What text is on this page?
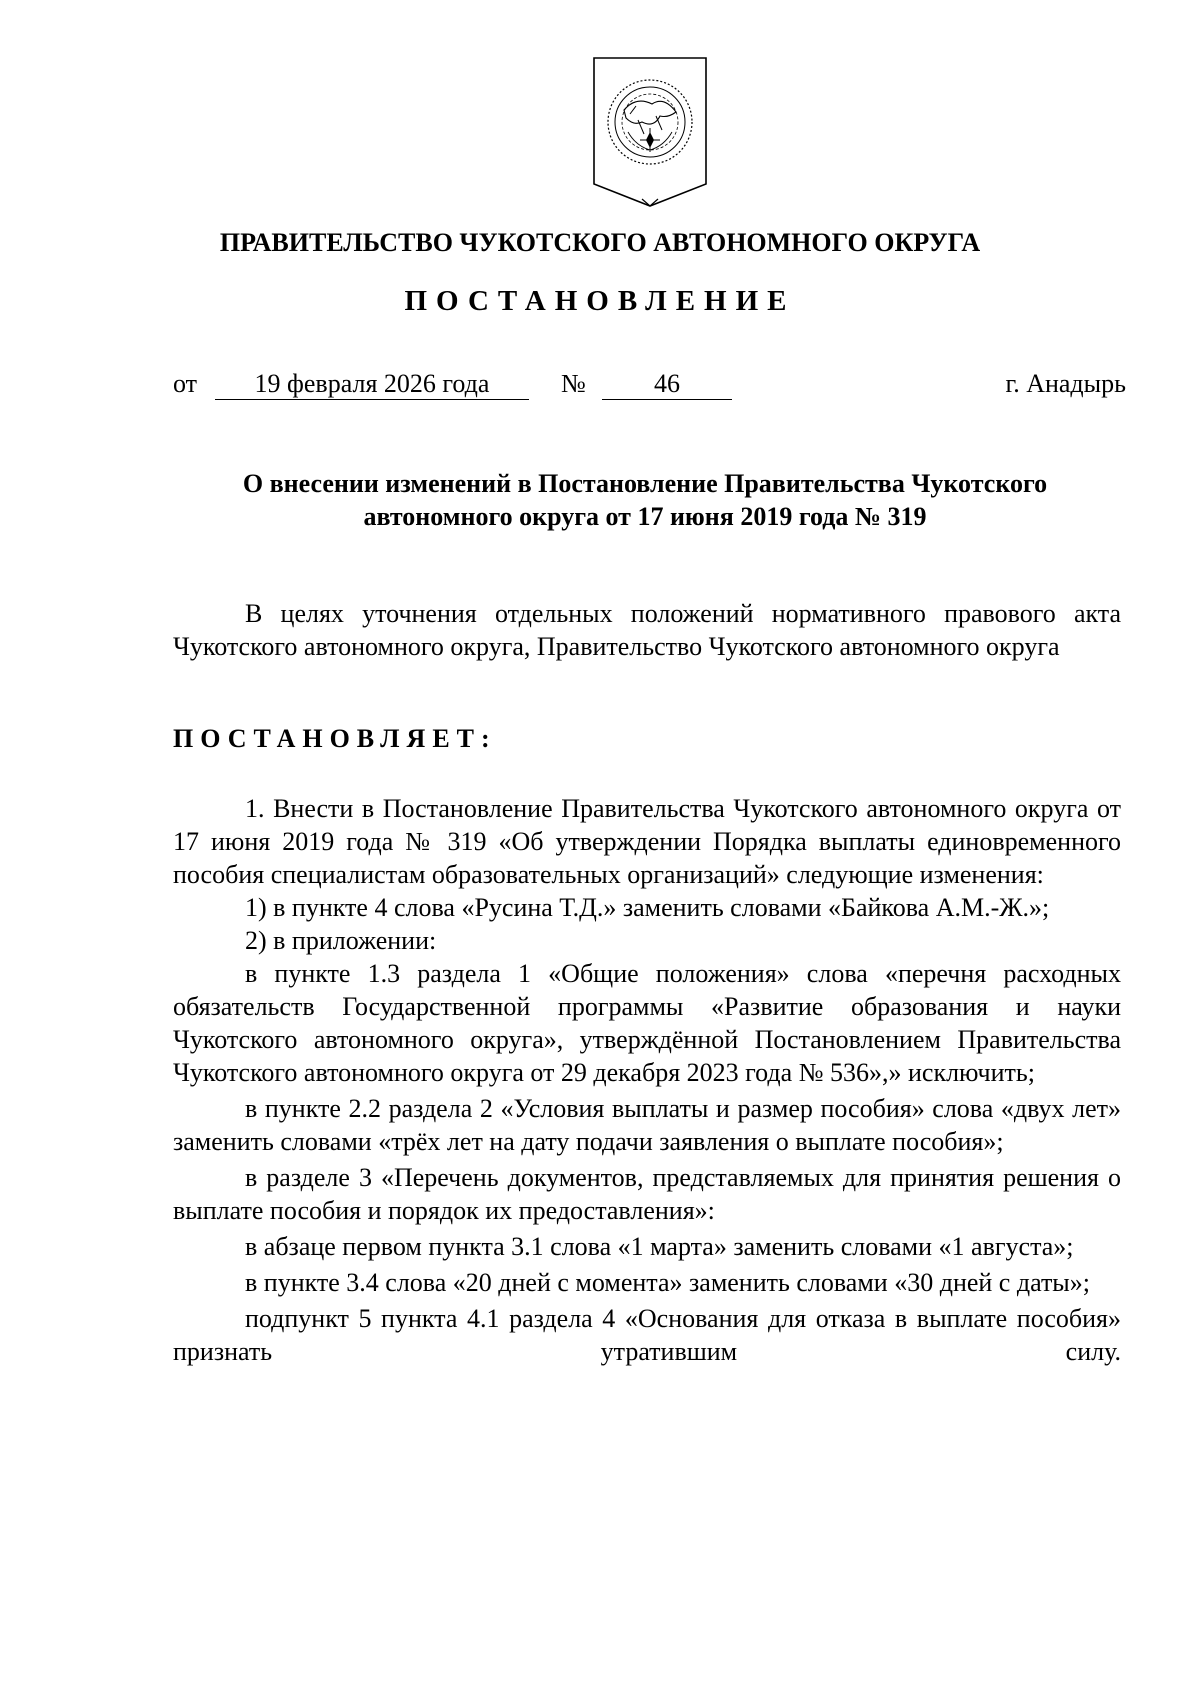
ПРАВИТЕЛЬСТВО ЧУКОТСКОГО АВТОНОМНОГО ОКРУГА
ПОСТАНОВЛЕНИЕ
от	19 февраля 2026 года	№	46	г. Анадырь
О внесении изменений в Постановление Правительства Чукотского
автономного округа от 17 июня 2019 года № 319

В целях уточнения отдельных положений нормативного правового акта Чукотского автономного округа, Правительство Чукотского автономного округа

ПОСТАНОВЛЯЕТ:

1. Внести в Постановление Правительства Чукотского автономного округа от 17 июня 2019 года № 319 «Об утверждении Порядка выплаты единовременного пособия специалистам образовательных организаций» следующие изменения:

1) в пункте 4 слова «Русина Т.Д.» заменить словами «Байкова А.М.-Ж.»;

2) в приложении:

в пункте 1.3 раздела 1 «Общие положения» слова «перечня расходных обязательств Государственной программы «Развитие образования и науки Чукотского автономного округа», утверждённой Постановлением Правительства Чукотского автономного округа от 29 декабря 2023 года № 536»,» исключить;

в пункте 2.2 раздела 2 «Условия выплаты и размер пособия» слова «двух лет» заменить словами «трёх лет на дату подачи заявления о выплате пособия»;

в разделе 3 «Перечень документов, представляемых для принятия решения о выплате пособия и порядок их предоставления»:

в абзаце первом пункта 3.1 слова «1 марта» заменить словами «1 августа»;

в пункте 3.4 слова «20 дней с момента» заменить словами «30 дней с даты»;

подпункт 5 пункта 4.1 раздела 4 «Основания для отказа в выплате пособия» признать утратившим силу.
